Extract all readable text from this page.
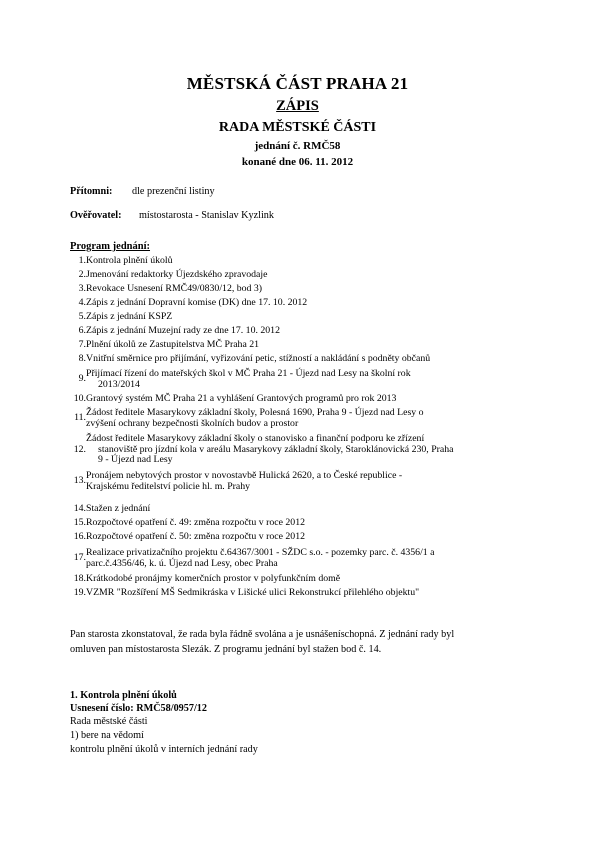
MĚSTSKÁ ČÁST PRAHA 21
ZÁPIS
RADA MĚSTSKÉ ČÁSTI
jednání č. RMČ58
konané dne 06. 11. 2012
Přítomni: dle prezenční listiny
Ověřovatel: místostarosta - Stanislav Kyzlink
Program jednání:
1. Kontrola plnění úkolů
2. Jmenování redaktorky Újezdského zpravodaje
3. Revokace Usnesení RMČ49/0830/12, bod 3)
4. Zápis z jednání Dopravní komise (DK) dne 17. 10. 2012
5. Zápis z jednání KSPZ
6. Zápis z jednání Muzejní rady ze dne 17. 10. 2012
7. Plnění úkolů ze Zastupitelstva MČ Praha 21
8. Vnitřní směrnice pro přijímání, vyřizování petic, stížností a nakládání s podněty občanů
9. Přijímací řízení do mateřských škol v MČ Praha 21 - Újezd nad Lesy na školní rok
2013/2014
10. Grantový systém MČ Praha 21 a vyhlášení Grantových programů pro rok 2013
11. Žádost ředitele Masarykovy základní školy, Polesná 1690, Praha 9 - Újezd nad Lesy o
zvýšení ochrany bezpečnosti školních budov a prostor
12.
Žádost ředitele Masarykovy základní školy o stanovisko a finanční podporu ke zřízení
stanoviště pro jízdní kola v areálu Masarykovy základní školy, Staroklánovická 230, Praha
9 - Újezd nad Lesy
13. Pronájem nebytových prostor v novostavbě Hulická 2620, a to České republice -
Krajskému ředitelství policie hl. m. Prahy
14. Stažen z jednání
15. Rozpočtové opatření č. 49: změna rozpočtu v roce 2012
16. Rozpočtové opatření č. 50: změna rozpočtu v roce 2012
17. Realizace privatizačního projektu č.64367/3001 - SŽDC s.o. - pozemky parc. č. 4356/1 a
parc.č.4356/46, k. ú. Újezd nad Lesy, obec Praha
18. Krátkodobé pronájmy komerčních prostor v polyfunkčním domě
19. VZMR "Rozšíření MŠ Sedmikráska v Lišické ulici Rekonstrukcí přilehlého objektu"
Pan starosta zkonstatoval, že rada byla řádně svolána a je usnášeníschopná. Z jednání rady byl
omluven pan místostarosta Slezák. Z programu jednání byl stažen bod č. 14.
1. Kontrola plnění úkolů
Usnesení číslo: RMČ58/0957/12
Rada městské části
1) bere na vědomí
kontrolu plnění úkolů v interních jednání rady
